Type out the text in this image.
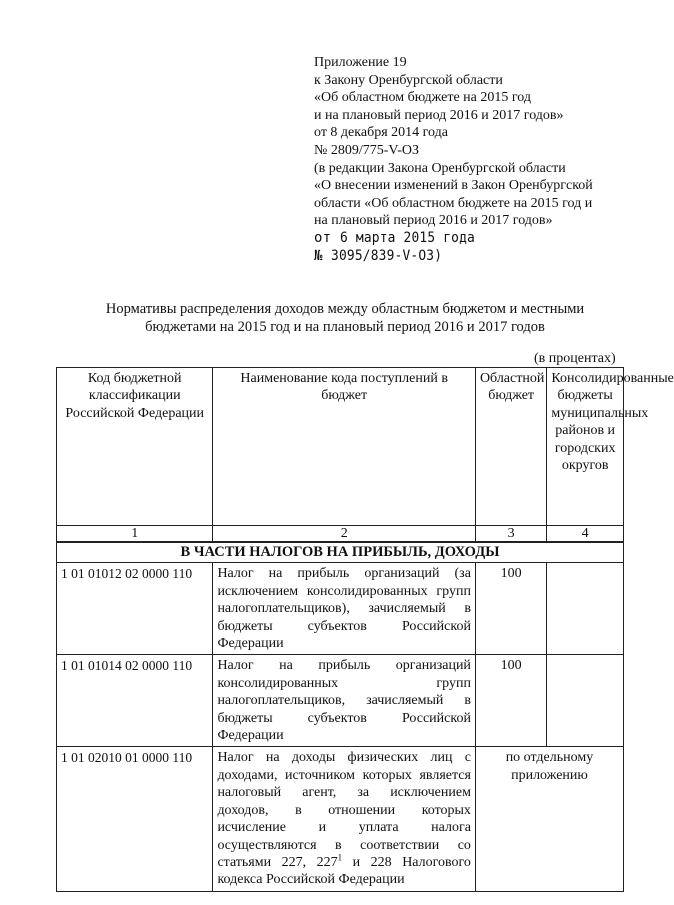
Приложение 19
к Закону Оренбургской области
«Об областном бюджете на 2015 год
и на плановый период 2016 и 2017 годов»
от 8 декабря 2014 года
№ 2809/775-V-ОЗ
(в редакции Закона Оренбургской области
«О внесении изменений в Закон Оренбургской
области «Об областном бюджете на 2015 год и
на плановый период 2016 и 2017 годов»
от 6 марта 2015 года
№ 3095/839-V-ОЗ)
Нормативы распределения доходов между областным бюджетом и местными
бюджетами на 2015 год и на плановый период 2016 и 2017 годов
(в процентах)
Код бюджетной классификации Российской Федерации	Наименование кода поступлений в бюджет	Областной бюджет	Консолидированные бюджеты муниципальных районов и городских округов
1	2	3	4
В ЧАСТИ НАЛОГОВ НА ПРИБЫЛЬ, ДОХОДЫ			
1 01 01012 02 0000 110	Налог на прибыль организаций (за исключением консолидированных групп налогоплательщиков), зачисляемый в бюджеты субъектов Российской Федерации	100	
1 01 01014 02 0000 110	Налог на прибыль организаций консолидированных групп налогоплательщиков, зачисляемый в бюджеты субъектов Российской Федерации	100	
1 01 02010 01 0000 110	Налог на доходы физических лиц с доходами, источником которых является налоговый агент, за исключением доходов, в отношении которых исчисление и уплата налога осуществляются в соответствии со статьями 227, $227^1$ и 228 Налогового кодекса Российской Федерации	по отдельному приложению	
